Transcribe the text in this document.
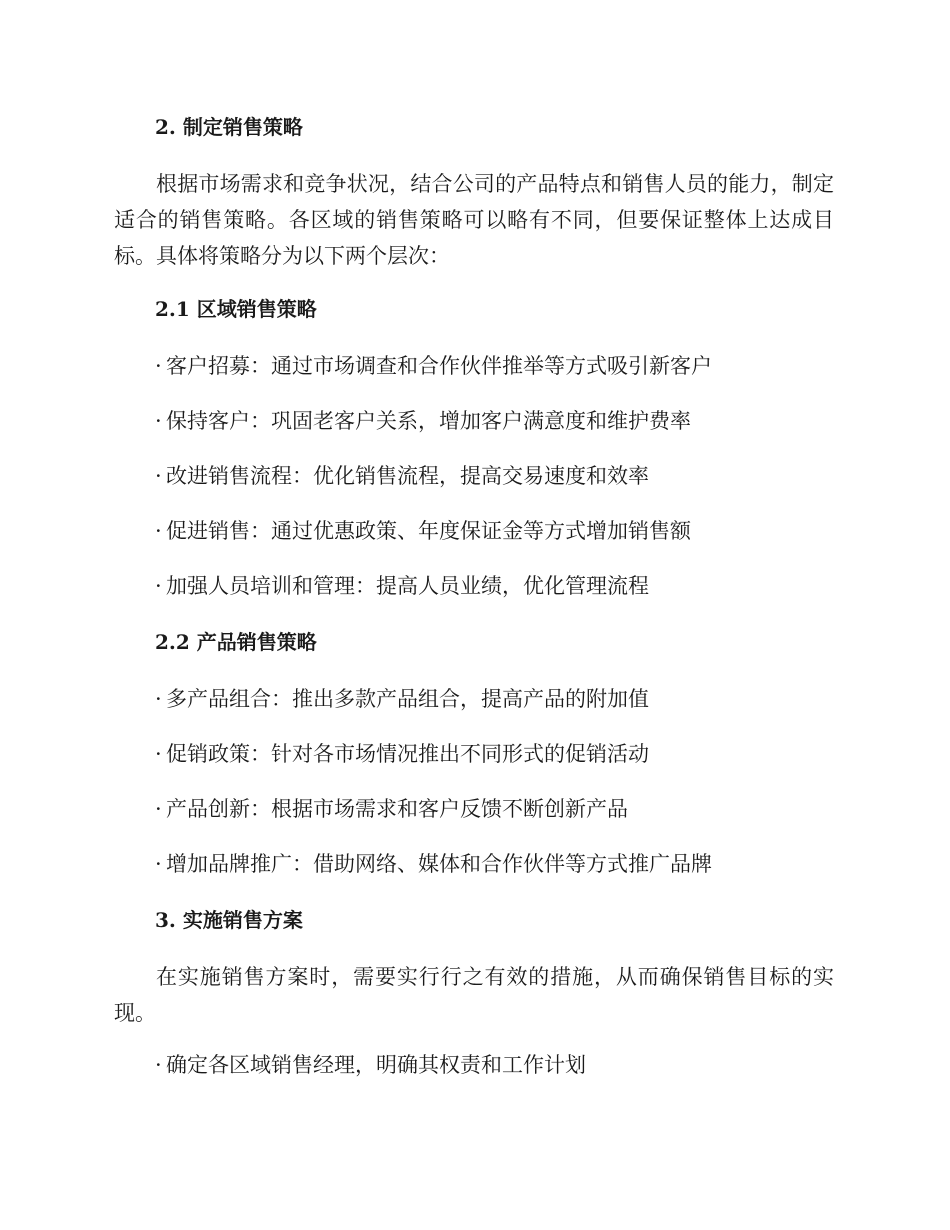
2. 制定销售策略

根据市场需求和竞争状况，结合公司的产品特点和销售人员的能力，制定适合的销售策略。各区域的销售策略可以略有不同，但要保证整体上达成目标。具体将策略分为以下两个层次：

2.1 区域销售策略
· 客户招募：通过市场调查和合作伙伴推举等方式吸引新客户
· 保持客户：巩固老客户关系，增加客户满意度和维护费率
· 改进销售流程：优化销售流程，提高交易速度和效率
· 促进销售：通过优惠政策、年度保证金等方式增加销售额
· 加强人员培训和管理：提高人员业绩，优化管理流程
2.2 产品销售策略
· 多产品组合：推出多款产品组合，提高产品的附加值
· 促销政策：针对各市场情况推出不同形式的促销活动
· 产品创新：根据市场需求和客户反馈不断创新产品
· 增加品牌推广：借助网络、媒体和合作伙伴等方式推广品牌
3. 实施销售方案

在实施销售方案时，需要实行行之有效的措施，从而确保销售目标的实现。

· 确定各区域销售经理，明确其权责和工作计划
